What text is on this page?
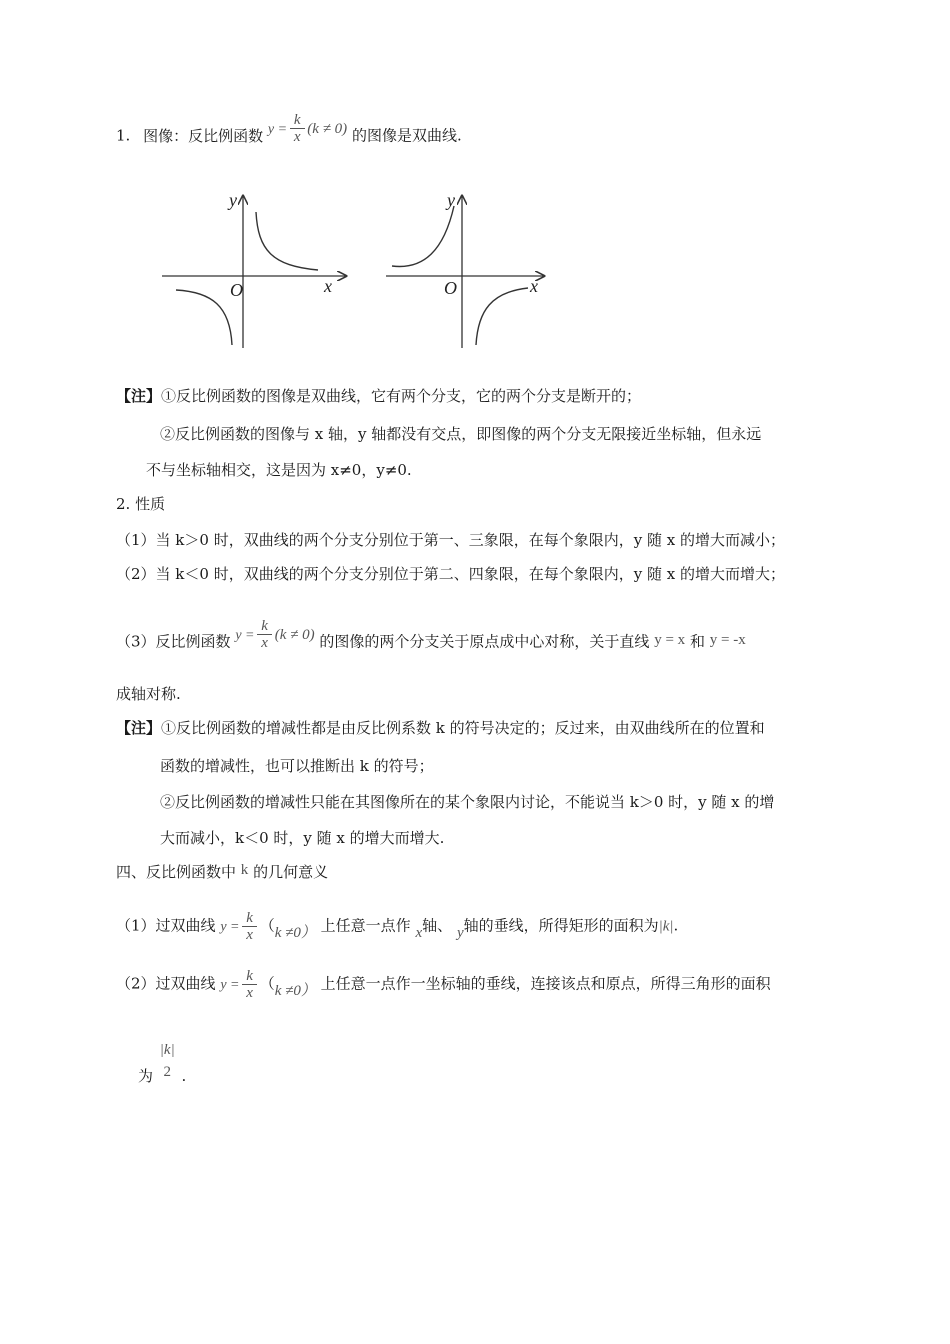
1. 图像：反比例函数 $y = \frac{k}{x} (k \ne 0)$ 的图像是双曲线.
y
x
O
y
x
O
【注】①反比例函数的图像是双曲线，它有两个分支，它的两个分支是断开的；
②反比例函数的图像与 x 轴，y 轴都没有交点，即图像的两个分支无限接近坐标轴，但永远
不与坐标轴相交，这是因为 x≠0，y≠0.
2. 性质
（1）当 k＞0 时，双曲线的两个分支分别位于第一、三象限，在每个象限内，y 随 x 的增大而减小；
（2）当 k＜0 时，双曲线的两个分支分别位于第二、四象限，在每个象限内，y 随 x 的增大而增大；
（3）反比例函数 $y = \frac{k}{x} (k \ne 0)$ 的图像的两个分支关于原点成中心对称，关于直线 y = x 和 y = -x
成轴对称.
【注】①反比例函数的增减性都是由反比例系数 k 的符号决定的；反过来，由双曲线所在的位置和
函数的增减性，也可以推断出 k 的符号；
②反比例函数的增减性只能在其图像所在的某个象限内讨论，不能说当 k＞0 时，y 随 x 的增
大而减小，k＜0 时，y 随 x 的增大而增大.
四、反比例函数中 k 的几何意义
（1）过双曲线 $y = \frac{k}{x} (k \ne 0)$ 上任意一点作 x轴、 y轴的垂线，所得矩形的面积为|k|.
（2）过双曲线 $y = \frac{k}{x} (k \ne 0)$ 上任意一点作一坐标轴的垂线，连接该点和原点，所得三角形的面积
为
|k|
2 .
